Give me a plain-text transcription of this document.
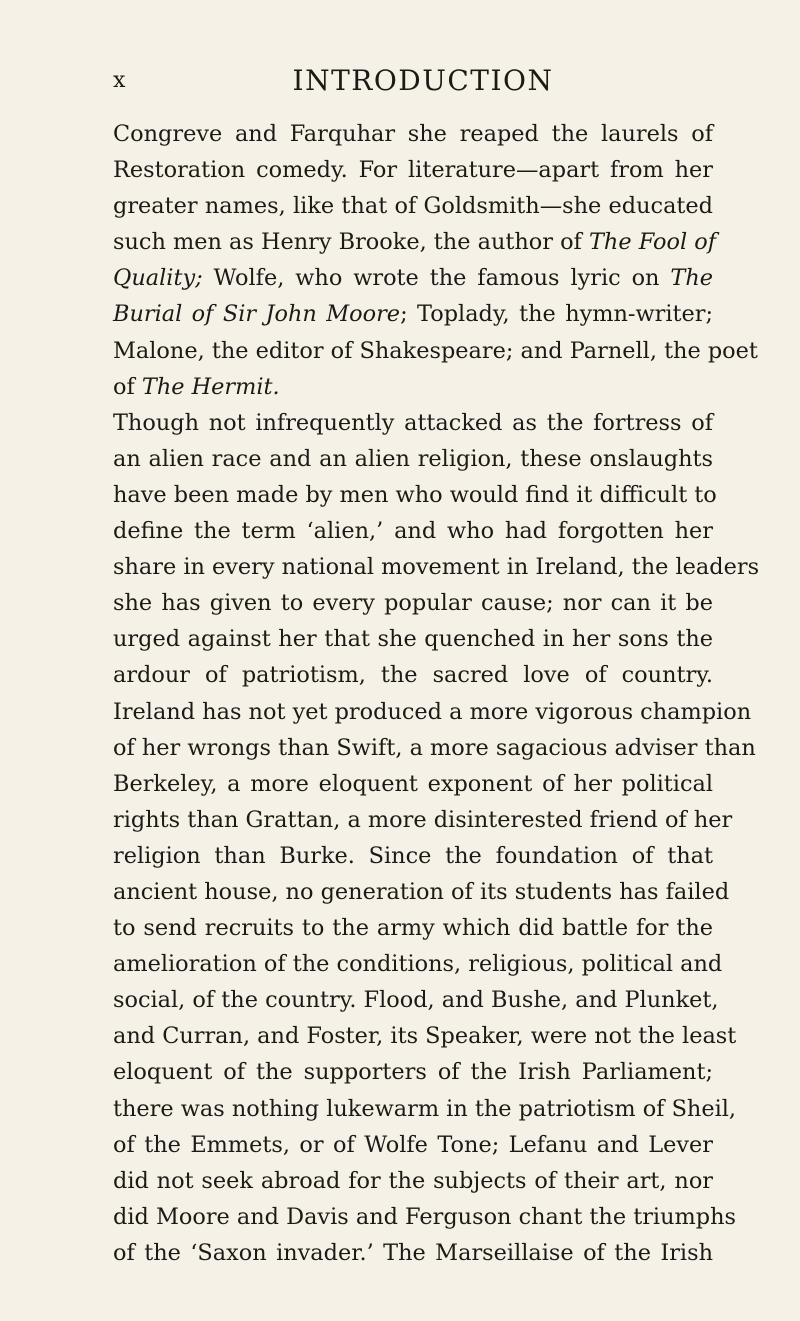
x	INTRODUCTION
Congreve and Farquhar she reaped the laurels of
Restoration comedy. For literature—apart from her
greater names, like that of Goldsmith—she educated
such men as Henry Brooke, the author of The Fool of
Quality; Wolfe, who wrote the famous lyric on The
Burial of Sir John Moore; Toplady, the hymn-writer;
Malone, the editor of Shakespeare; and Parnell, the poet
of The Hermit.
Though not infrequently attacked as the fortress of
an alien race and an alien religion, these onslaughts
have been made by men who would find it difficult to
define the term ‘alien,’ and who had forgotten her
share in every national movement in Ireland, the leaders
she has given to every popular cause; nor can it be
urged against her that she quenched in her sons the
ardour of patriotism, the sacred love of country.
Ireland has not yet produced a more vigorous champion
of her wrongs than Swift, a more sagacious adviser than
Berkeley, a more eloquent exponent of her political
rights than Grattan, a more disinterested friend of her
religion than Burke. Since the foundation of that
ancient house, no generation of its students has failed
to send recruits to the army which did battle for the
amelioration of the conditions, religious, political and
social, of the country. Flood, and Bushe, and Plunket,
and Curran, and Foster, its Speaker, were not the least
eloquent of the supporters of the Irish Parliament;
there was nothing lukewarm in the patriotism of Sheil,
of the Emmets, or of Wolfe Tone; Lefanu and Lever
did not seek abroad for the subjects of their art, nor
did Moore and Davis and Ferguson chant the triumphs
of the ‘Saxon invader.’ The Marseillaise of the Irish
